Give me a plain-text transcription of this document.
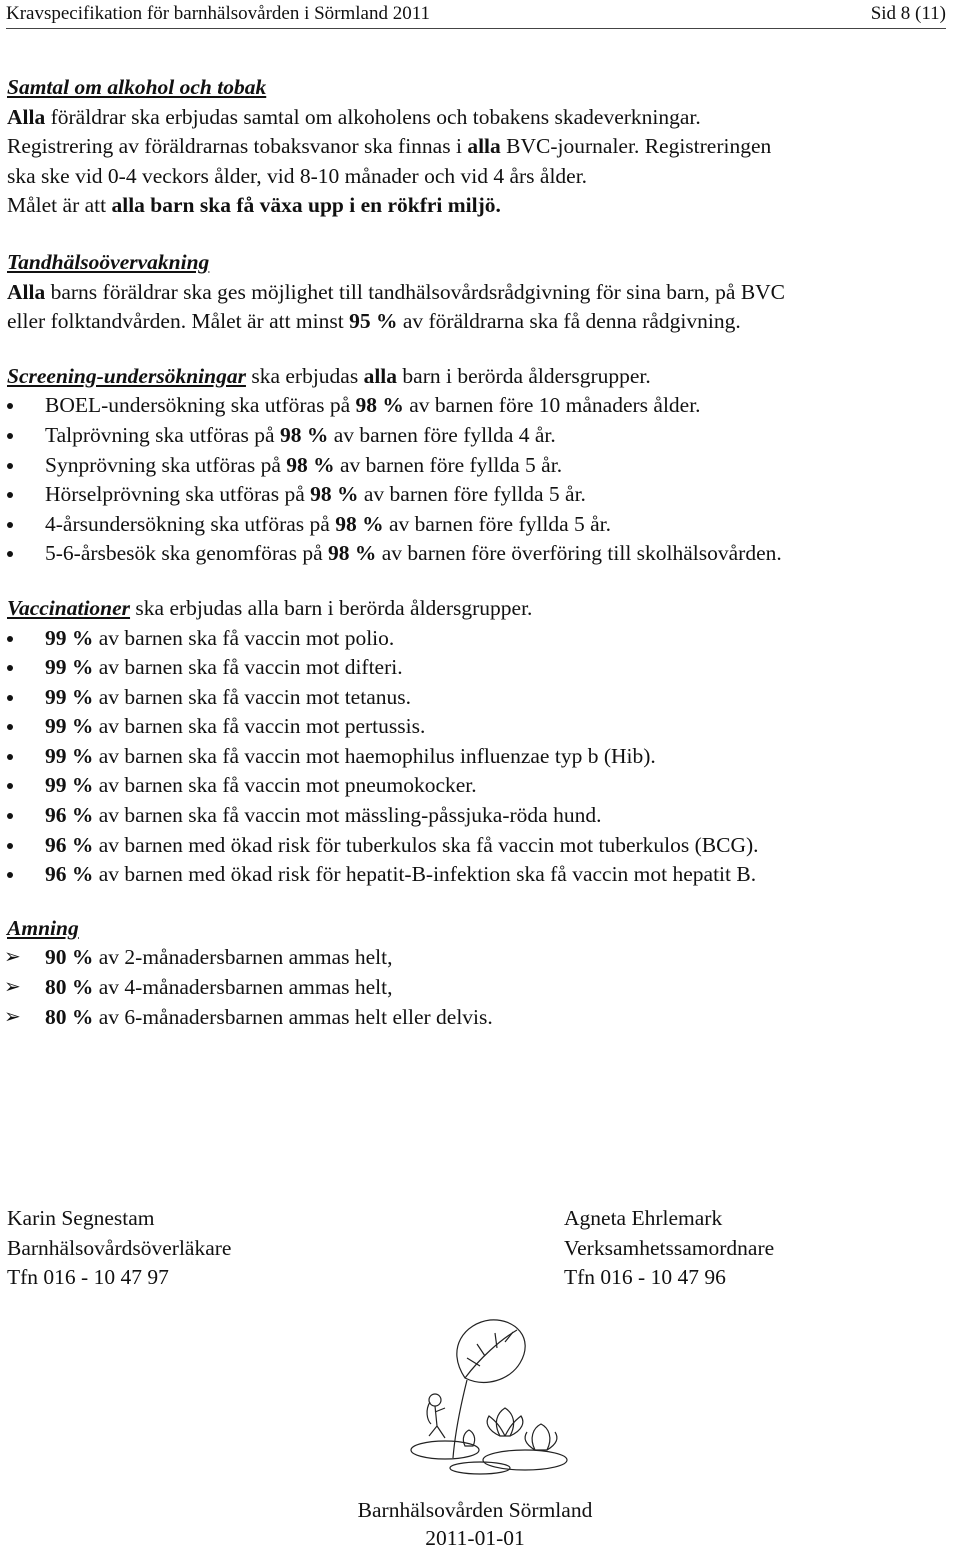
Kravspecifikation för barnhälsovården i Sörmland 2011	Sid 8 (11)
Samtal om alkohol och tobak
Alla föräldrar ska erbjudas samtal om alkoholens och tobakens skadeverkningar.
Registrering av föräldrarnas tobaksvanor ska finnas i alla BVC-journaler. Registreringen
ska ske vid 0-4 veckors ålder, vid 8-10 månader och vid 4 års ålder.
Målet är att alla barn ska få växa upp i en rökfri miljö.
Tandhälsoövervakning
Alla barns föräldrar ska ges möjlighet till tandhälsovårdsrådgivning för sina barn, på BVC
eller folktandvården. Målet är att minst 95 % av föräldrarna ska få denna rådgivning.
Screening-undersökningar ska erbjudas alla barn i berörda åldersgrupper.
BOEL-undersökning ska utföras på 98 % av barnen före 10 månaders ålder.
Talprövning ska utföras på 98 % av barnen före fyllda 4 år.
Synprövning ska utföras på 98 % av barnen före fyllda 5 år.
Hörselprövning ska utföras på 98 % av barnen före fyllda 5 år.
4-årsundersökning ska utföras på 98 % av barnen före fyllda 5 år.
5-6-årsbesök ska genomföras på 98 % av barnen före överföring till skolhälsovården.
Vaccinationer ska erbjudas alla barn i berörda åldersgrupper.
99 % av barnen ska få vaccin mot polio.
99 % av barnen ska få vaccin mot difteri.
99 % av barnen ska få vaccin mot tetanus.
99 % av barnen ska få vaccin mot pertussis.
99 % av barnen ska få vaccin mot haemophilus influenzae typ b (Hib).
99 % av barnen ska få vaccin mot pneumokocker.
96 % av barnen ska få vaccin mot mässling-påssjuka-röda hund.
96 % av barnen med ökad risk för tuberkulos ska få vaccin mot tuberkulos (BCG).
96 % av barnen med ökad risk för hepatit-B-infektion ska få vaccin mot hepatit B.
Amning
➢ 90 % av 2-månadersbarnen ammas helt,
➢ 80 % av 4-månadersbarnen ammas helt,
➢ 80 % av 6-månadersbarnen ammas helt eller delvis.
Karin Segnestam
Barnhälsovårdsöverläkare
Tfn 016 - 10 47 97
Agneta Ehrlemark
Verksamhetssamordnare
Tfn 016 - 10 47 96
Barnhälsovården Sörmland
2011-01-01
